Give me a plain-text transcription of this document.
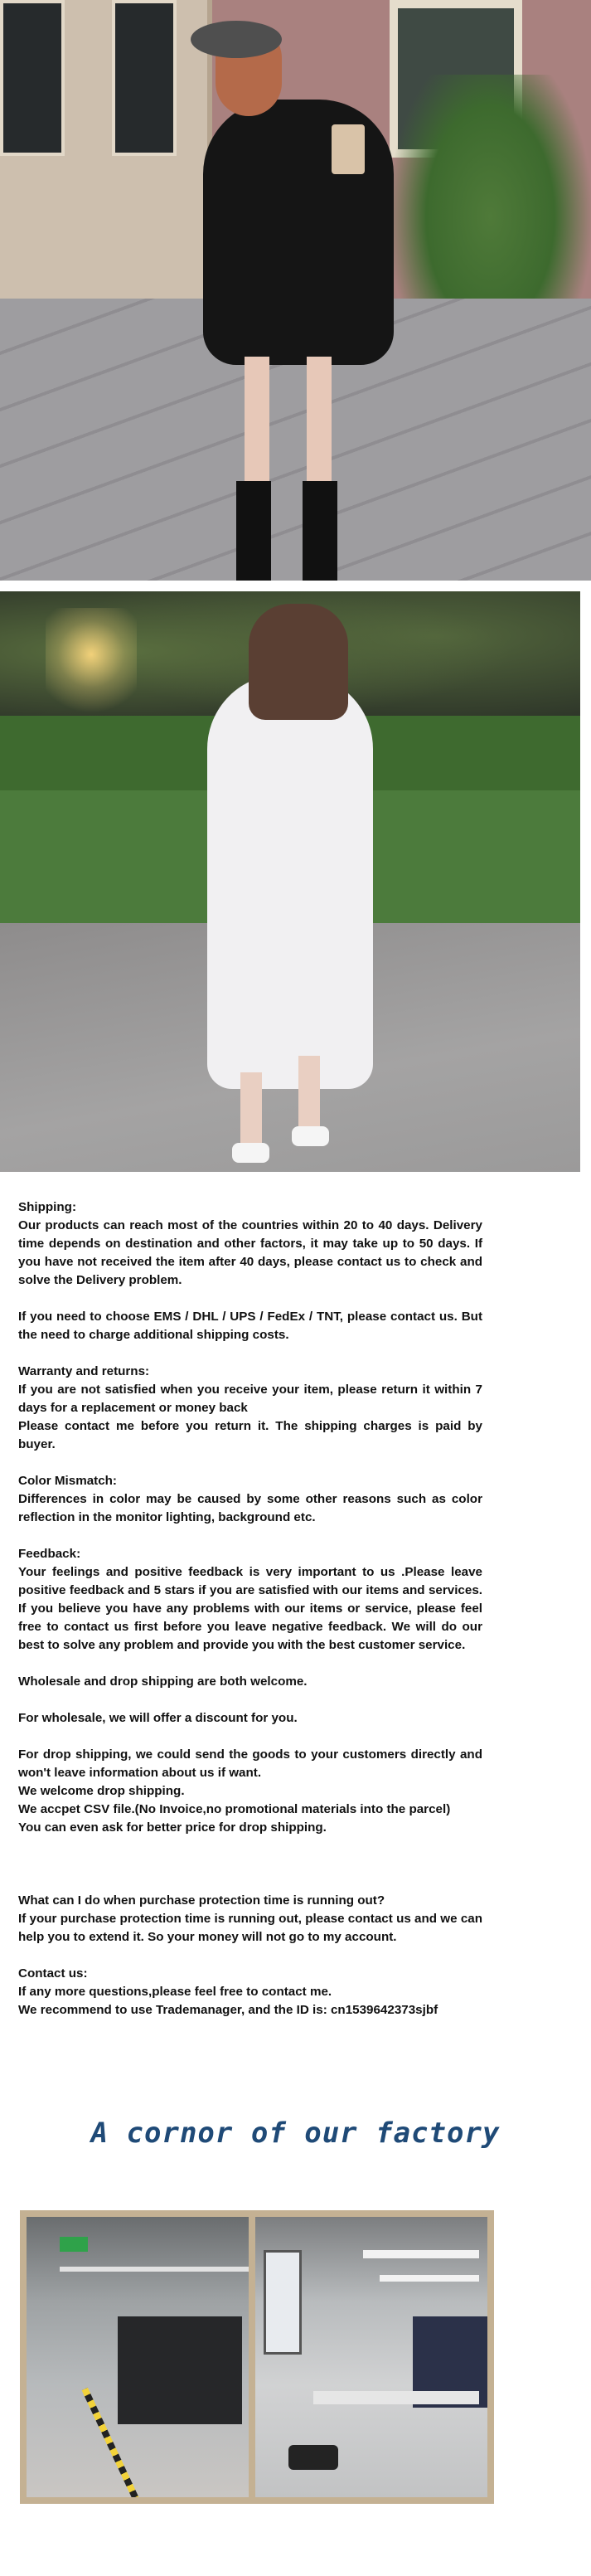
Shipping:

Our products can reach most of the countries within 20 to 40 days. Delivery time depends on destination and other factors, it may take up to 50 days. If you have not received the item after 40 days, please contact us to check and solve the Delivery problem.

If you need to choose EMS / DHL / UPS / FedEx / TNT, please contact us. But the need to charge additional shipping costs.

Warranty and returns:

If you are not satisfied when you receive your item, please return it within 7 days for a replacement or money back

Please contact me before you return it. The shipping charges is paid by buyer.

Color Mismatch:

Differences in color may be caused by some other reasons such as color reflection in the monitor lighting, background etc.

Feedback:

Your feelings and positive feedback is very important to us .Please leave positive feedback and 5 stars if you are satisfied with our items and services. If you believe you have any problems with our items or service, please feel free to contact us first before you leave negative feedback. We will do our best to solve any problem and provide you with the best customer service.

Wholesale and drop shipping are both welcome.

For wholesale, we will offer a discount for you.

For drop shipping, we could send the goods to your customers directly and won't leave information about us if want.

We welcome drop shipping.

We accpet CSV file.(No Invoice,no promotional materials into the parcel)

You can even ask for better price for drop shipping.

What can I do when purchase protection time is running out?

If your purchase protection time is running out, please contact us and we can help you to extend it. So your money will not go to my account.

Contact us:

If any more questions,please feel free to contact me.

We recommend to use Trademanager, and the ID is: cn1539642373sjbf

A cornor of our factory
